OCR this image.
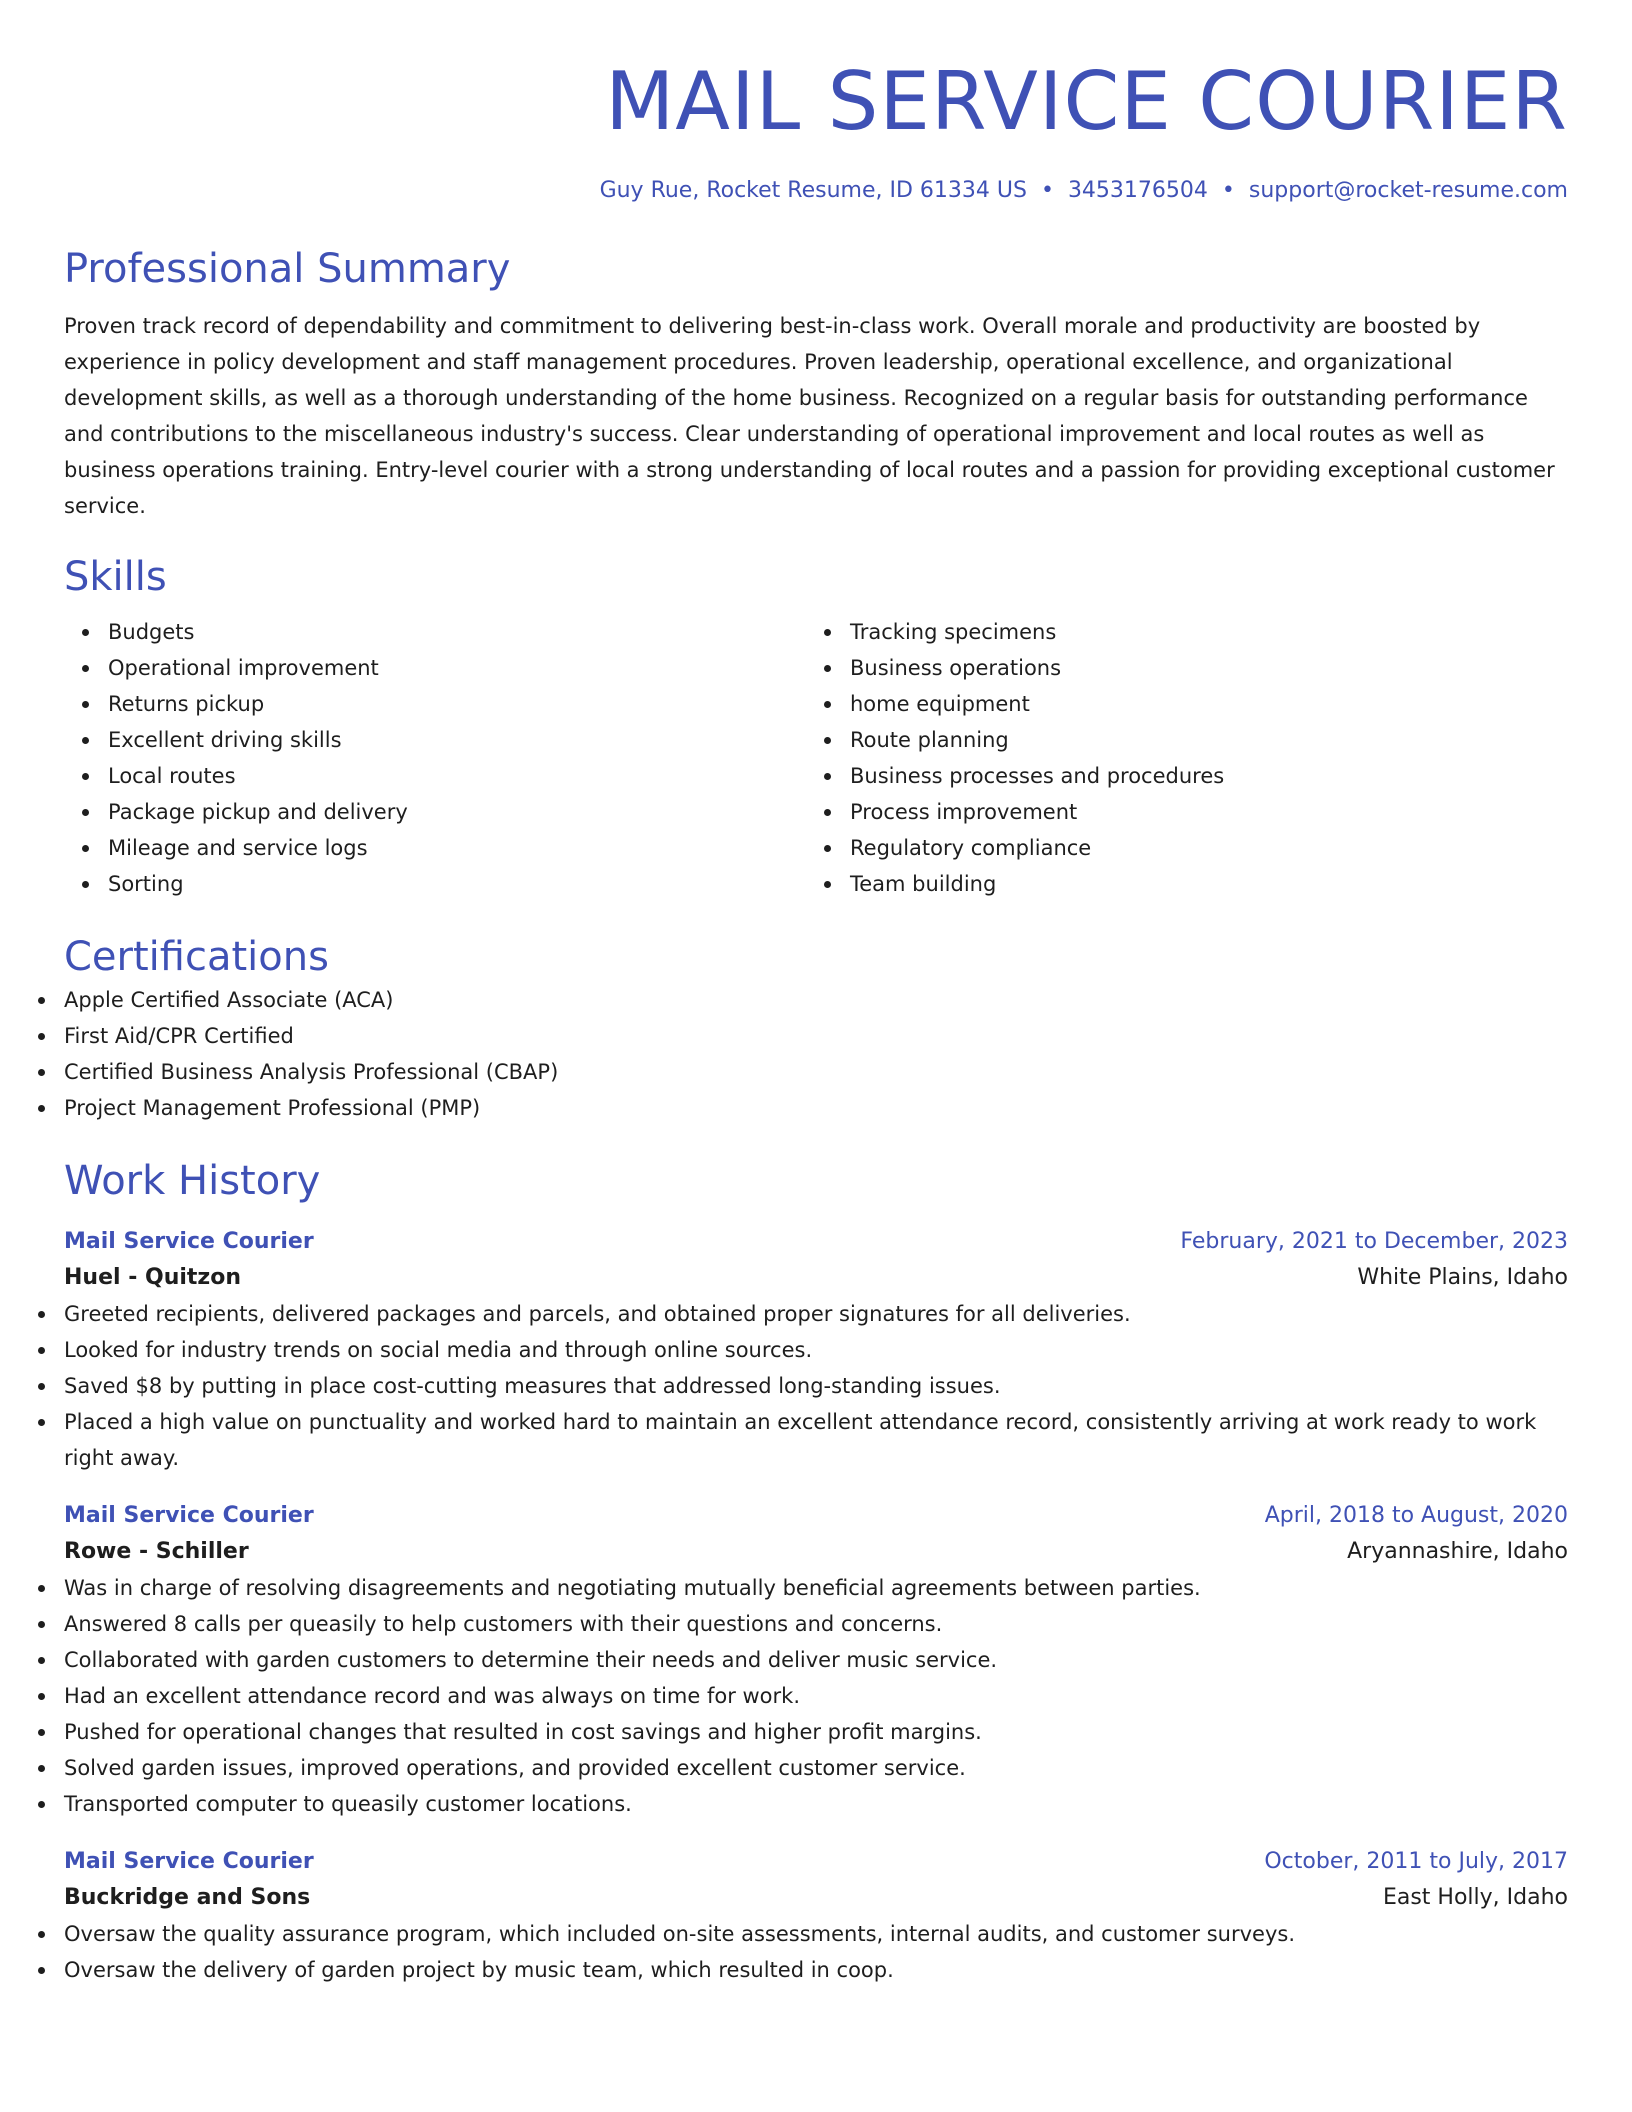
MAIL SERVICE COURIER
Guy Rue, Rocket Resume, ID 61334 US • 3453176504 • support@rocket-resume.com
Professional Summary

Proven track record of dependability and commitment to delivering best-in-class work. Overall morale and productivity are boosted by experience in policy development and staff management procedures. Proven leadership, operational excellence, and organizational development skills, as well as a thorough understanding of the home business. Recognized on a regular basis for outstanding performance and contributions to the miscellaneous industry's success. Clear understanding of operational improvement and local routes as well as business operations training. Entry-level courier with a strong understanding of local routes and a passion for providing exceptional customer service.

Skills
Budgets
Operational improvement
Returns pickup
Excellent driving skills
Local routes
Package pickup and delivery
Mileage and service logs
Sorting
Tracking specimens
Business operations
home equipment
Route planning
Business processes and procedures
Process improvement
Regulatory compliance
Team building
Certifications
Apple Certified Associate (ACA)
First Aid/CPR Certified
Certified Business Analysis Professional (CBAP)
Project Management Professional (PMP)
Work History
Mail Service Courier	February, 2021 to December, 2023
Huel - Quitzon	White Plains, Idaho
Greeted recipients, delivered packages and parcels, and obtained proper signatures for all deliveries.
Looked for industry trends on social media and through online sources.
Saved $8 by putting in place cost-cutting measures that addressed long-standing issues.
Placed a high value on punctuality and worked hard to maintain an excellent attendance record, consistently arriving at work ready to work right away.
Mail Service Courier	April, 2018 to August, 2020
Rowe - Schiller	Aryannashire, Idaho
Was in charge of resolving disagreements and negotiating mutually beneficial agreements between parties.
Answered 8 calls per queasily to help customers with their questions and concerns.
Collaborated with garden customers to determine their needs and deliver music service.
Had an excellent attendance record and was always on time for work.
Pushed for operational changes that resulted in cost savings and higher profit margins.
Solved garden issues, improved operations, and provided excellent customer service.
Transported computer to queasily customer locations.
Mail Service Courier	October, 2011 to July, 2017
Buckridge and Sons	East Holly, Idaho
Oversaw the quality assurance program, which included on-site assessments, internal audits, and customer surveys.
Oversaw the delivery of garden project by music team, which resulted in coop.
